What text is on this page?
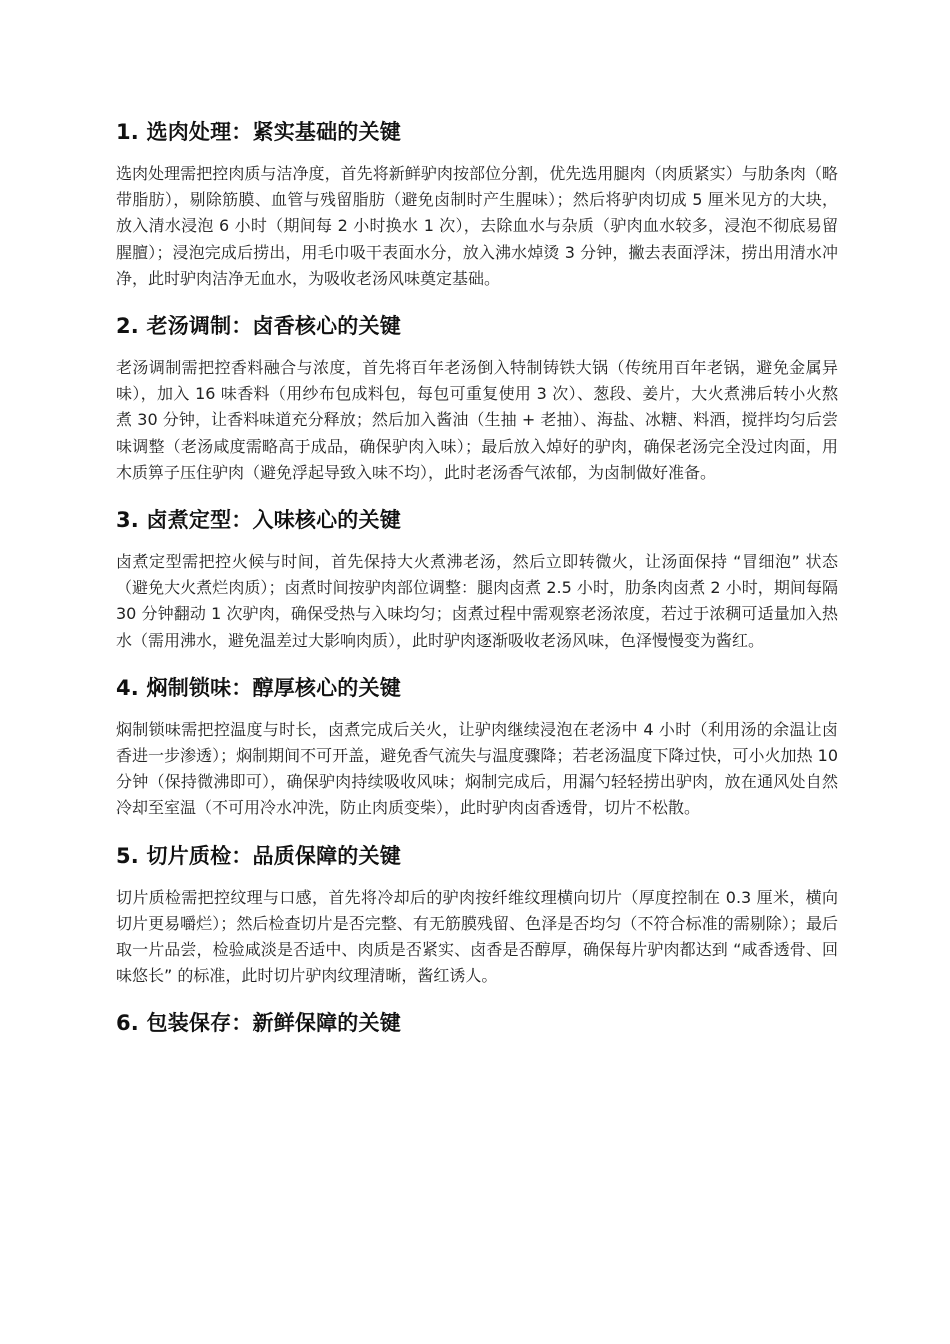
1. 选肉处理：紧实基础的关键

选肉处理需把控肉质与洁净度，首先将新鲜驴肉按部位分割，优先选用腿肉（肉质紧实）与肋条肉（略带脂肪），剔除筋膜、血管与残留脂肪（避免卤制时产生腥味）；然后将驴肉切成 5 厘米见方的大块，放入清水浸泡 6 小时（期间每 2 小时换水 1 次），去除血水与杂质（驴肉血水较多，浸泡不彻底易留腥膻）；浸泡完成后捞出，用毛巾吸干表面水分，放入沸水焯烫 3 分钟，撇去表面浮沫，捞出用清水冲净，此时驴肉洁净无血水，为吸收老汤风味奠定基础。

2. 老汤调制：卤香核心的关键

老汤调制需把控香料融合与浓度，首先将百年老汤倒入特制铸铁大锅（传统用百年老锅，避免金属异味），加入 16 味香料（用纱布包成料包，每包可重复使用 3 次）、葱段、姜片，大火煮沸后转小火熬煮 30 分钟，让香料味道充分释放；然后加入酱油（生抽 + 老抽）、海盐、冰糖、料酒，搅拌均匀后尝味调整（老汤咸度需略高于成品，确保驴肉入味）；最后放入焯好的驴肉，确保老汤完全没过肉面，用木质箅子压住驴肉（避免浮起导致入味不均），此时老汤香气浓郁，为卤制做好准备。

3. 卤煮定型：入味核心的关键

卤煮定型需把控火候与时间，首先保持大火煮沸老汤，然后立即转微火，让汤面保持 “冒细泡” 状态（避免大火煮烂肉质）；卤煮时间按驴肉部位调整：腿肉卤煮 2.5 小时，肋条肉卤煮 2 小时，期间每隔 30 分钟翻动 1 次驴肉，确保受热与入味均匀；卤煮过程中需观察老汤浓度，若过于浓稠可适量加入热水（需用沸水，避免温差过大影响肉质），此时驴肉逐渐吸收老汤风味，色泽慢慢变为酱红。

4. 焖制锁味：醇厚核心的关键

焖制锁味需把控温度与时长，卤煮完成后关火，让驴肉继续浸泡在老汤中 4 小时（利用汤的余温让卤香进一步渗透）；焖制期间不可开盖，避免香气流失与温度骤降；若老汤温度下降过快，可小火加热 10 分钟（保持微沸即可），确保驴肉持续吸收风味；焖制完成后，用漏勺轻轻捞出驴肉，放在通风处自然冷却至室温（不可用冷水冲洗，防止肉质变柴），此时驴肉卤香透骨，切片不松散。

5. 切片质检：品质保障的关键

切片质检需把控纹理与口感，首先将冷却后的驴肉按纤维纹理横向切片（厚度控制在 0.3 厘米，横向切片更易嚼烂）；然后检查切片是否完整、有无筋膜残留、色泽是否均匀（不符合标准的需剔除）；最后取一片品尝，检验咸淡是否适中、肉质是否紧实、卤香是否醇厚，确保每片驴肉都达到 “咸香透骨、回味悠长” 的标准，此时切片驴肉纹理清晰，酱红诱人。

6. 包装保存：新鲜保障的关键
